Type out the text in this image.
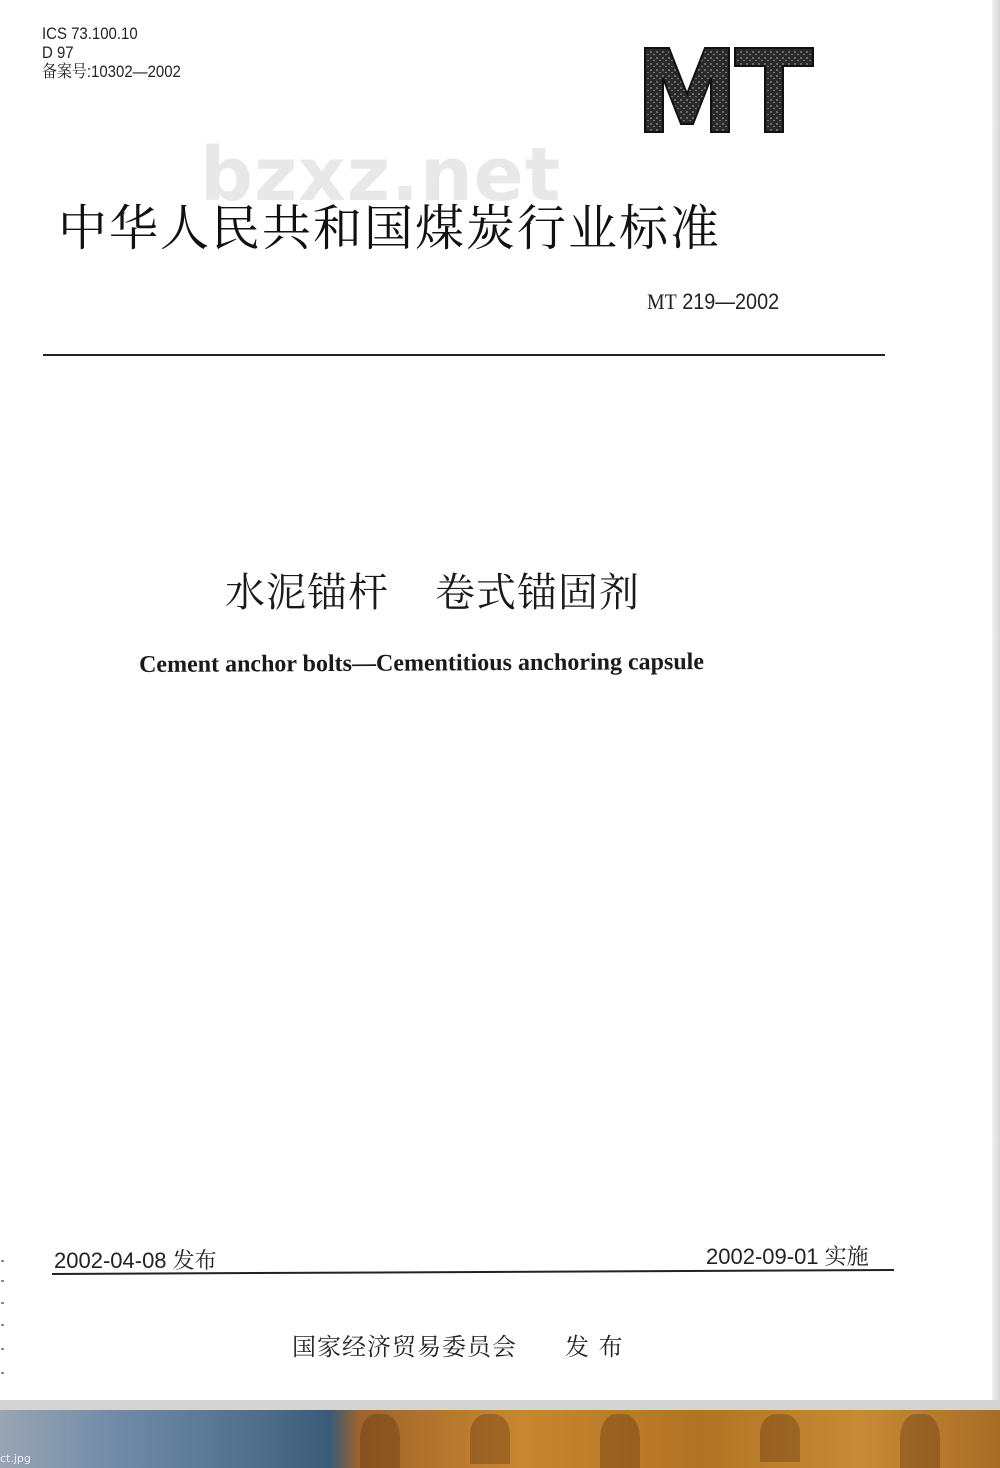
ICS 73.100.10
D 97
备案号:10302—2002
bzxz.net
中华人民共和国煤炭行业标准
MT 219—2002
水泥锚杆 卷式锚固剂
Cement anchor bolts—Cementitious anchoring capsule
2002-04-08 发布	2002-09-01 实施
国家经济贸易委员会 发 布
ct.jpg
